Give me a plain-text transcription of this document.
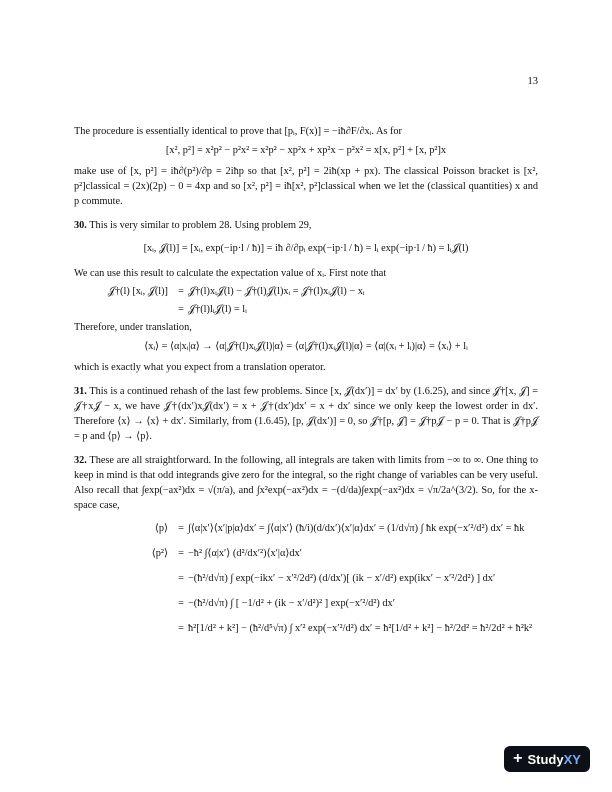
13

The procedure is essentially identical to prove that [pᵢ, F(x)] = −iħ∂F/∂xᵢ. As for

[x², p²] = x²p² − p²x² = x²p² − xp²x + xp²x − p²x² = x[x, p²] + [x, p²]x

make use of [x, p²] = iħ∂(p²)/∂p = 2iħp so that [x², p²] = 2iħ(xp + px). The classical Poisson bracket is [x², p²]classical = (2x)(2p) − 0 = 4xp and so [x², p²] = iħ[x², p²]classical when we let the (classical quantities) x and p commute.

30. This is very similar to problem 28. Using problem 29,

[xᵢ, 𝒥(l)] = [xᵢ, exp(−ip·l / ħ)] = iħ ∂/∂pᵢ exp(−ip·l / ħ) = lᵢ exp(−ip·l / ħ) = lᵢ𝒥(l)

We can use this result to calculate the expectation value of xᵢ. First note that

𝒥†(l) [xᵢ, 𝒥(l)] = 𝒥†(l)xᵢ𝒥(l) − 𝒥†(l)𝒥(l)xᵢ = 𝒥†(l)xᵢ𝒥(l) − xᵢ
= 𝒥†(l)lᵢ𝒥(l) = lᵢ

Therefore, under translation,

⟨xᵢ⟩ = ⟨α|xᵢ|α⟩ → ⟨α|𝒥†(l)xᵢ𝒥(l)|α⟩ = ⟨α|𝒥†(l)xᵢ𝒥(l)|α⟩ = ⟨α|(xᵢ + lᵢ)|α⟩ = ⟨xᵢ⟩ + lᵢ

which is exactly what you expect from a translation operator.

31. This is a continued rehash of the last few problems. Since [x, 𝒥(dx′)] = dx′ by (1.6.25), and since 𝒥†[x, 𝒥] = 𝒥†x𝒥 − x, we have 𝒥†(dx′)x𝒥(dx′) = x + 𝒥†(dx′)dx′ = x + dx′ since we only keep the lowest order in dx′. Therefore ⟨x⟩ → ⟨x⟩ + dx′. Similarly, from (1.6.45), [p, 𝒥(dx′)] = 0, so 𝒥†[p, 𝒥] = 𝒥†p𝒥 − p = 0. That is 𝒥†p𝒥 = p and ⟨p⟩ → ⟨p⟩.

32. These are all straightforward. In the following, all integrals are taken with limits from −∞ to ∞. One thing to keep in mind is that odd integrands give zero for the integral, so the right change of variables can be very useful. Also recall that ∫exp(−ax²)dx = √(π/a), and ∫x²exp(−ax²)dx = −(d/da)∫exp(−ax²)dx = √π/2a^(3/2). So, for the x-space case,

⟨p⟩ = ∫⟨α|x′⟩⟨x′|p|α⟩dx′ = ∫⟨α|x′⟩ (ħ/i)(d/dx′)⟨x′|α⟩dx′ = (1/d√π) ∫ ħk exp(−x′²/d²) dx′ = ħk
⟨p²⟩ = −ħ² ∫⟨α|x′⟩ (d²/dx′²)⟨x′|α⟩dx′
= −(ħ²/d√π) ∫ exp(−ikx′ − x′²/2d²) (d/dx′)[ (ik − x′/d²) exp(ikx′ − x′²/2d²) ] dx′
= −(ħ²/d√π) ∫ [ −1/d² + (ik − x′/d²)² ] exp(−x′²/d²) dx′
= ħ²[1/d² + k²] − (ħ²/d⁵√π) ∫ x′² exp(−x′²/d²) dx′ = ħ²[1/d² + k²] − ħ²/2d² = ħ²/2d² + ħ²k²
+ Study XY
